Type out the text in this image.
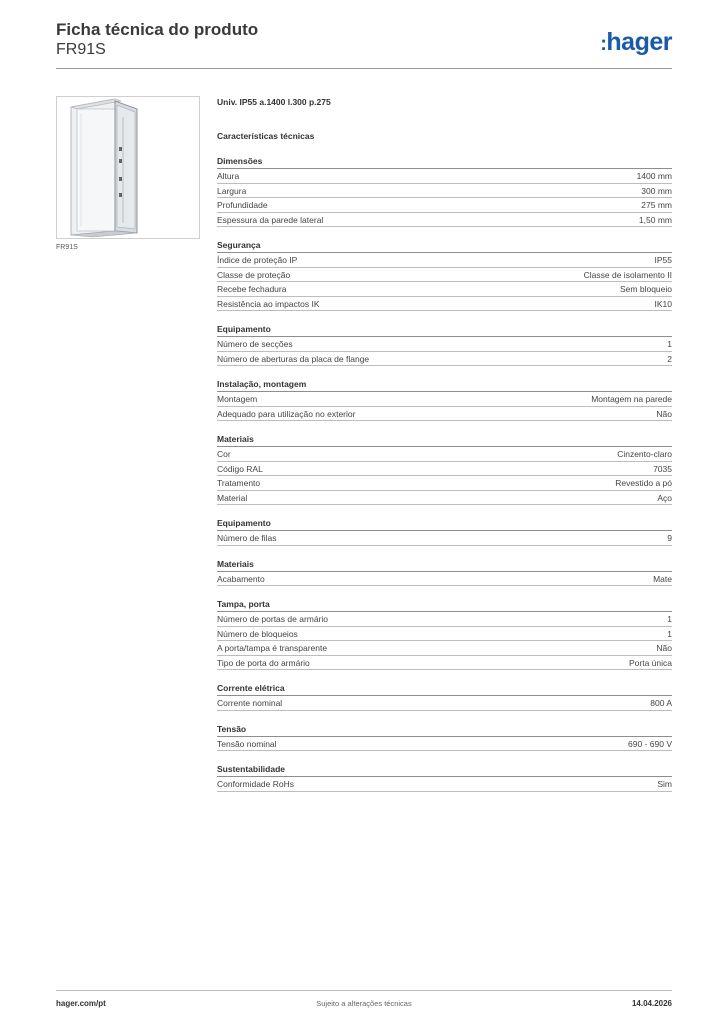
Ficha técnica do produto
FR91S	:hager
FR91S
Univ. IP55 a.1400 l.300 p.275
Características técnicas
Dimensões
Altura	1400 mm
Largura	300 mm
Profundidade	275 mm
Espessura da parede lateral	1,50 mm
Segurança
Índice de proteção IP	IP55
Classe de proteção	Classe de isolamento II
Recebe fechadura	Sem bloqueio
Resistência ao impactos IK	IK10
Equipamento
Número de secções	1
Número de aberturas da placa de flange	2
Instalação, montagem
Montagem	Montagem na parede
Adequado para utilização no exterior	Não
Materiais
Cor	Cinzento-claro
Código RAL	7035
Tratamento	Revestido a pó
Material	Aço
Equipamento
Número de filas	9
Materiais
Acabamento	Mate
Tampa, porta
Número de portas de armário	1
Número de bloqueios	1
A porta/tampa é transparente	Não
Tipo de porta do armário	Porta única
Corrente elétrica
Corrente nominal	800 A
Tensão
Tensão nominal	690 - 690 V
Sustentabilidade
Conformidade RoHs	Sim
hager.com/pt	Sujeito a alterações técnicas	14.04.2026
